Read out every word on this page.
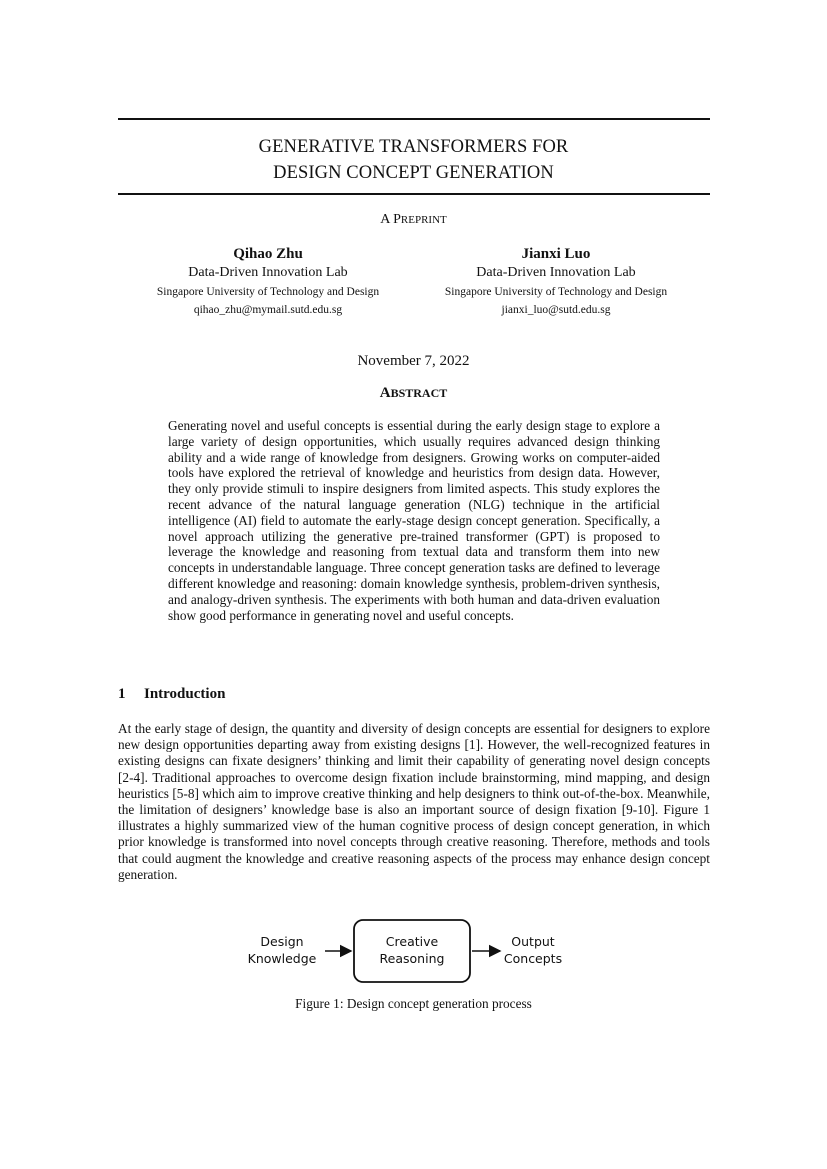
GENERATIVE TRANSFORMERS FOR
DESIGN CONCEPT GENERATION
A PREPRINT
Qihao Zhu
Data-Driven Innovation Lab
Singapore University of Technology and Design
qihao_zhu@mymail.sutd.edu.sg
Jianxi Luo
Data-Driven Innovation Lab
Singapore University of Technology and Design
jianxi_luo@sutd.edu.sg
November 7, 2022
ABSTRACT
Generating novel and useful concepts is essential during the early design stage to explore a large variety of design opportunities, which usually requires advanced design thinking ability and a wide range of knowledge from designers. Growing works on computer-aided tools have explored the retrieval of knowledge and heuristics from design data. However, they only provide stimuli to inspire designers from limited aspects. This study explores the recent advance of the natural language generation (NLG) technique in the artificial intelligence (AI) field to automate the early-stage design concept generation. Specifically, a novel approach utilizing the generative pre-trained transformer (GPT) is proposed to leverage the knowledge and reasoning from textual data and transform them into new concepts in understandable language. Three concept generation tasks are defined to leverage different knowledge and reasoning: domain knowledge synthesis, problem-driven synthesis, and analogy-driven synthesis. The experiments with both human and data-driven evaluation show good performance in generating novel and useful concepts.
1 Introduction
At the early stage of design, the quantity and diversity of design concepts are essential for designers to explore new design opportunities departing away from existing designs [1]. However, the well-recognized features in existing designs can fixate designers’ thinking and limit their capability of generating novel design concepts [2-4]. Traditional approaches to overcome design fixation include brainstorming, mind mapping, and design heuristics [5-8] which aim to improve creative thinking and help designers to think out-of-the-box. Meanwhile, the limitation of designers’ knowledge base is also an important source of design fixation [9-10]. Figure 1 illustrates a highly summarized view of the human cognitive process of design concept generation, in which prior knowledge is transformed into novel concepts through creative reasoning. Therefore, methods and tools that could augment the knowledge and creative reasoning aspects of the process may enhance design concept generation.
Design
Knowledge
Creative
Reasoning
Output
Concepts
Figure 1: Design concept generation process
